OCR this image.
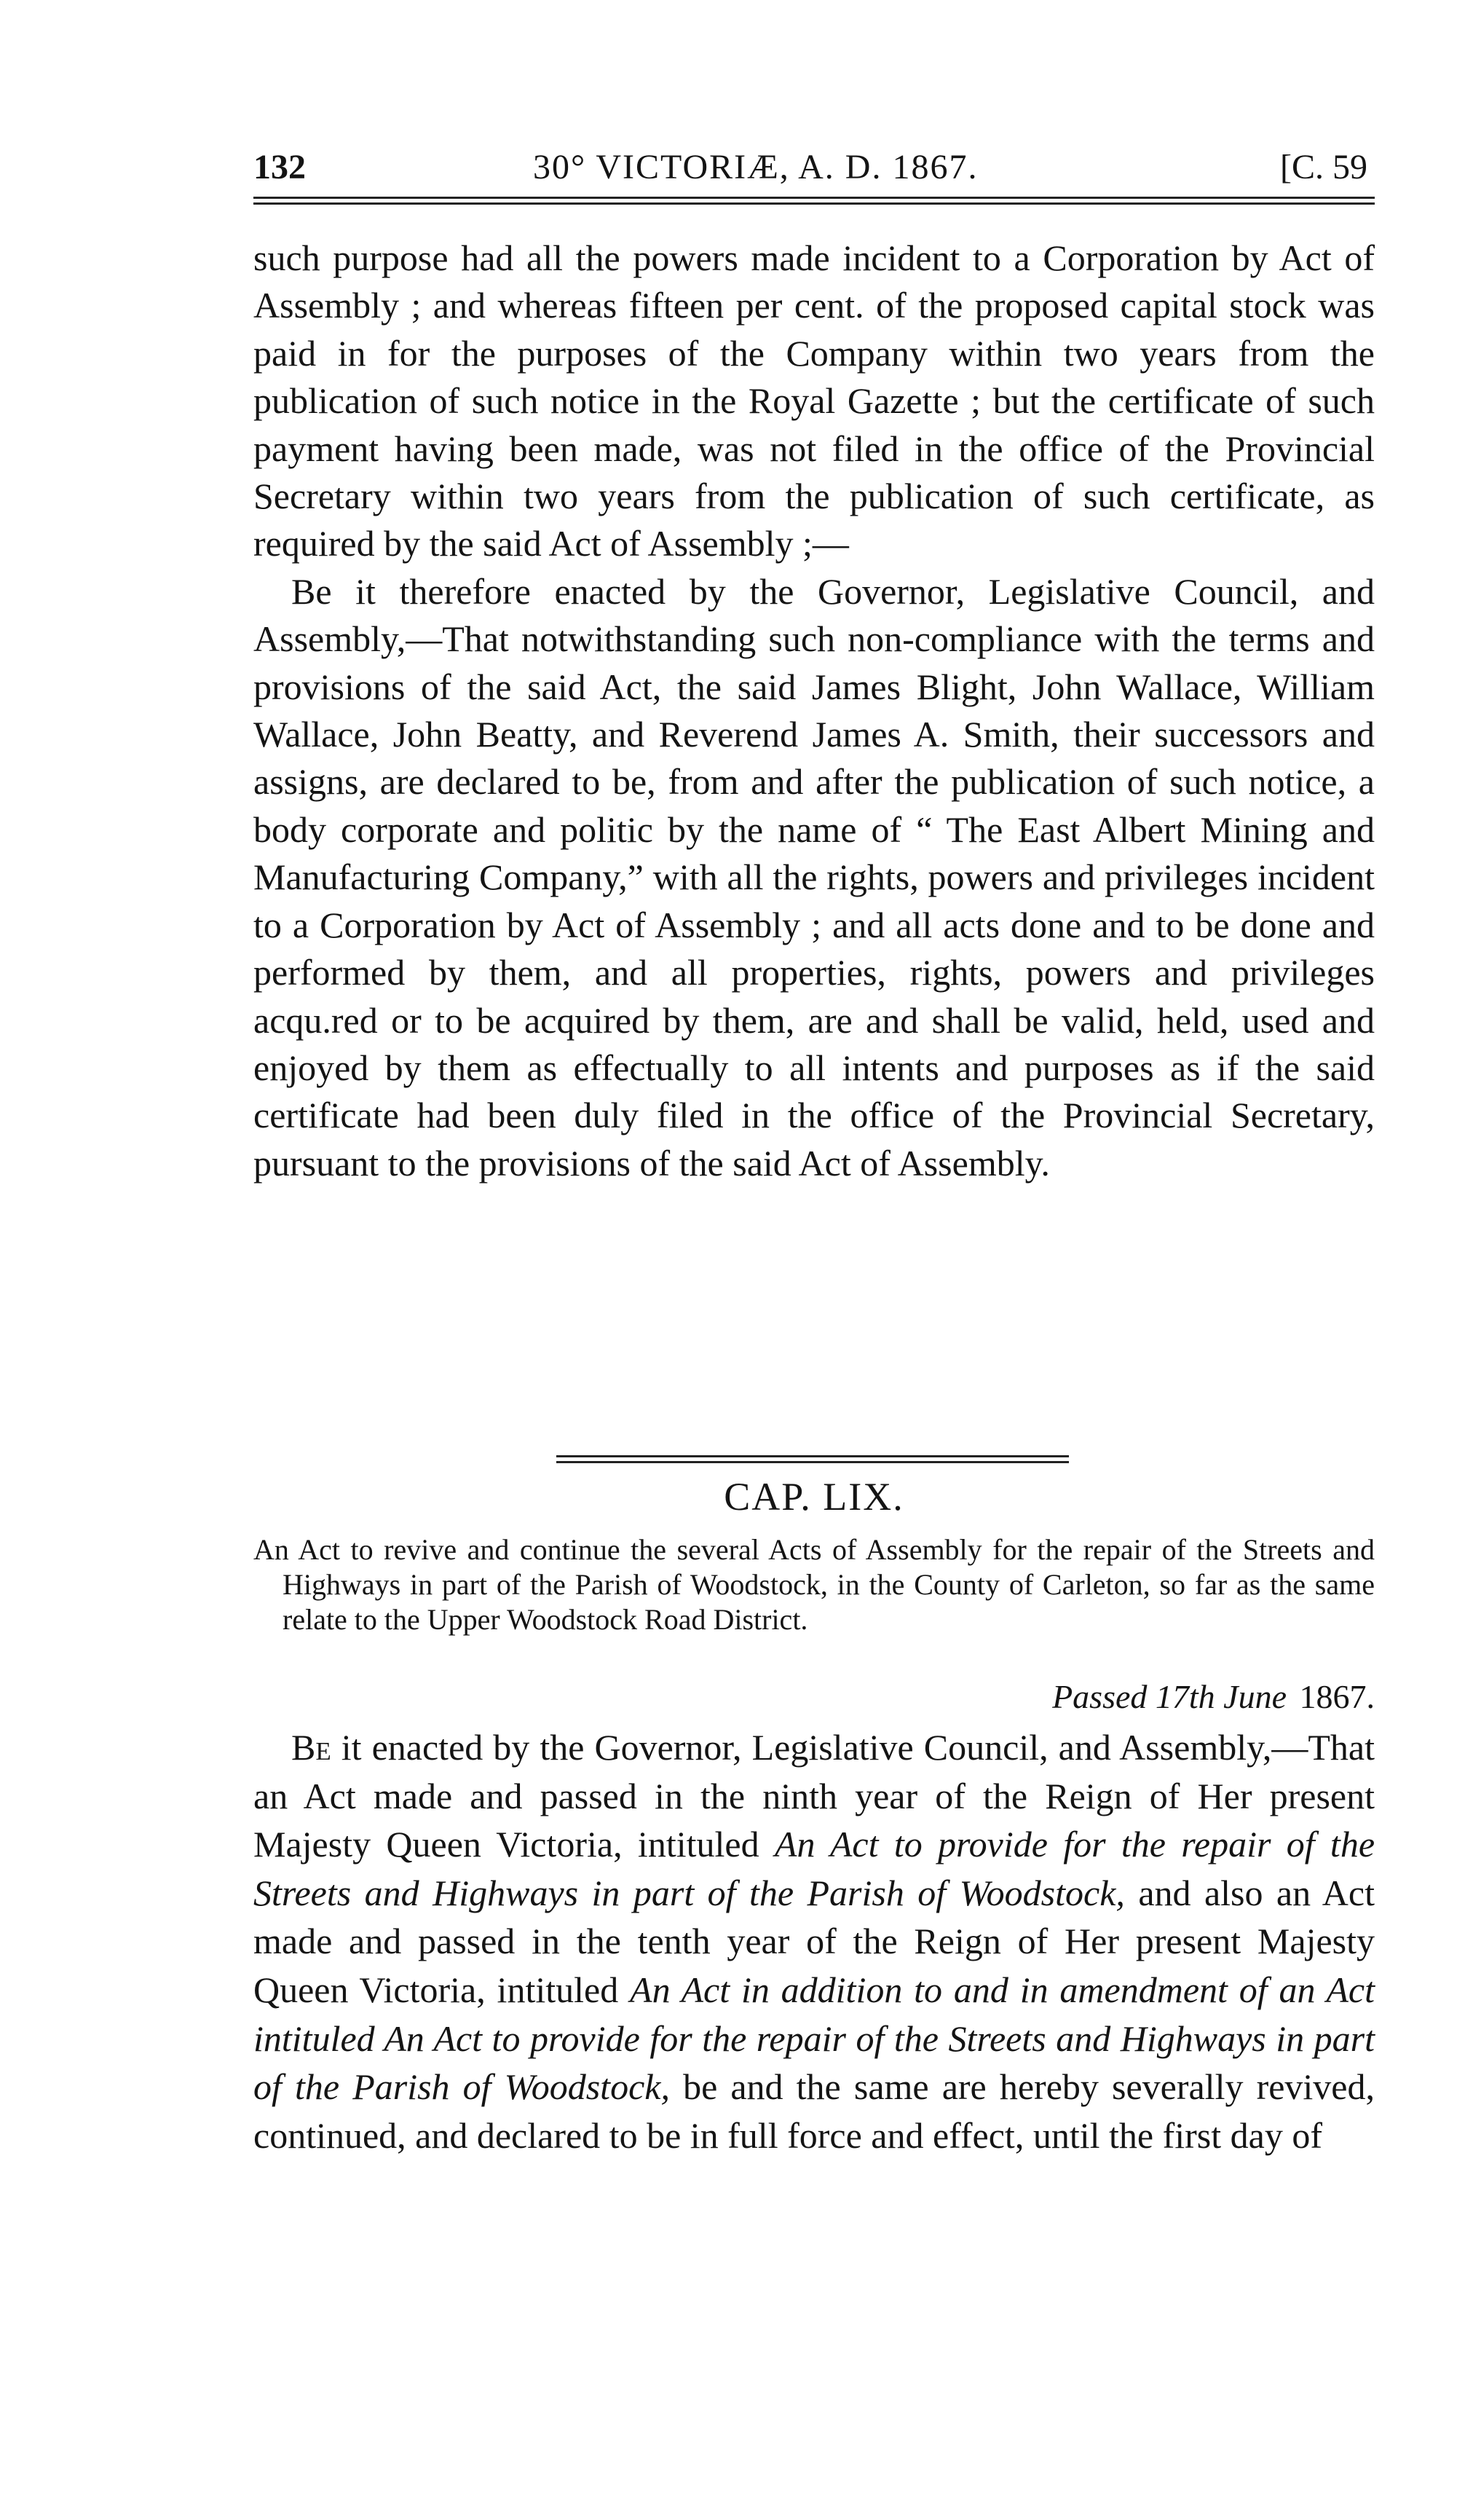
132	30° VICTORIÆ, A. D. 1867.	[C. 59

such purpose had all the powers made incident to a Corporation by Act of Assembly ; and whereas fifteen per cent. of the proposed capital stock was paid in for the purposes of the Company within two years from the publication of such notice in the Royal Gazette ; but the certificate of such payment having been made, was not filed in the office of the Provincial Secretary within two years from the publication of such certificate, as required by the said Act of Assembly ;—

Be it therefore enacted by the Governor, Legislative Council, and Assembly,—That notwithstanding such non-compliance with the terms and provisions of the said Act, the said James Blight, John Wallace, William Wallace, John Beatty, and Reverend James A. Smith, their successors and assigns, are declared to be, from and after the publication of such notice, a body corporate and politic by the name of “ The East Albert Mining and Manufacturing Company,” with all the rights, powers and privileges incident to a Corporation by Act of Assembly ; and all acts done and to be done and performed by them, and all properties, rights, powers and privileges acqu.red or to be acquired by them, are and shall be valid, held, used and enjoyed by them as effectually to all intents and purposes as if the said certificate had been duly filed in the office of the Provincial Secretary, pursuant to the provisions of the said Act of Assembly.

CAP. LIX.
An Act to revive and continue the several Acts of Assembly for the repair of the Streets and Highways in part of the Parish of Woodstock, in the County of Carleton, so far as the same relate to the Upper Woodstock Road District.
Passed 17th June 1867.

Be it enacted by the Governor, Legislative Council, and Assembly,—That an Act made and passed in the ninth year of the Reign of Her present Majesty Queen Victoria, intituled An Act to provide for the repair of the Streets and Highways in part of the Parish of Woodstock, and also an Act made and passed in the tenth year of the Reign of Her present Majesty Queen Victoria, intituled An Act in addition to and in amendment of an Act intituled An Act to provide for the repair of the Streets and Highways in part of the Parish of Woodstock, be and the same are hereby severally revived, continued, and declared to be in full force and effect, until the first day of
